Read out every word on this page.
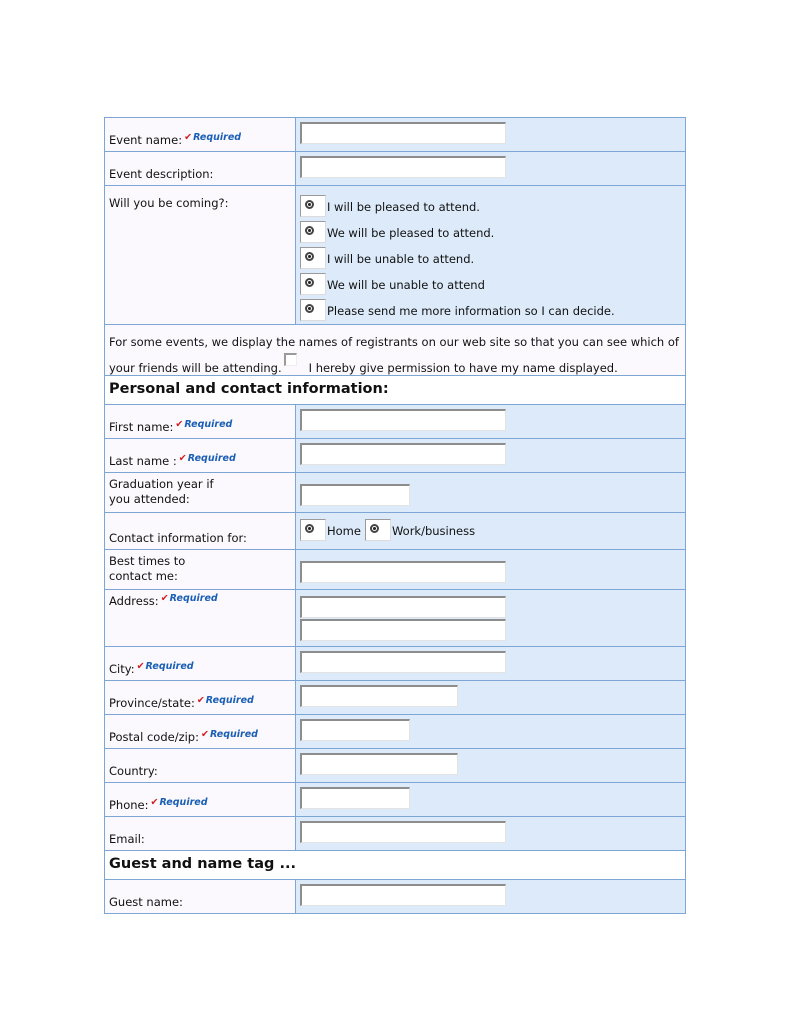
Event name: ✔Required
Event description:
Will you be coming?:	I will be pleased to attend.
We will be pleased to attend.
I will be unable to attend.
We will be unable to attend
Please send me more information so I can decide.
For some events, we display the names of registrants on our web site so that you can see which of your friends will be attending. I hereby give permission to have my name displayed.
Personal and contact information:
First name: ✔Required
Last name : ✔Required
Graduation year if
you attended:
Contact information for:	Home	Work/business
Best times to
contact me:
Address: ✔Required
City: ✔Required
Province/state: ✔Required
Postal code/zip: ✔Required
Country:
Phone: ✔Required
Email:
Guest and name tag ...
Guest name:
